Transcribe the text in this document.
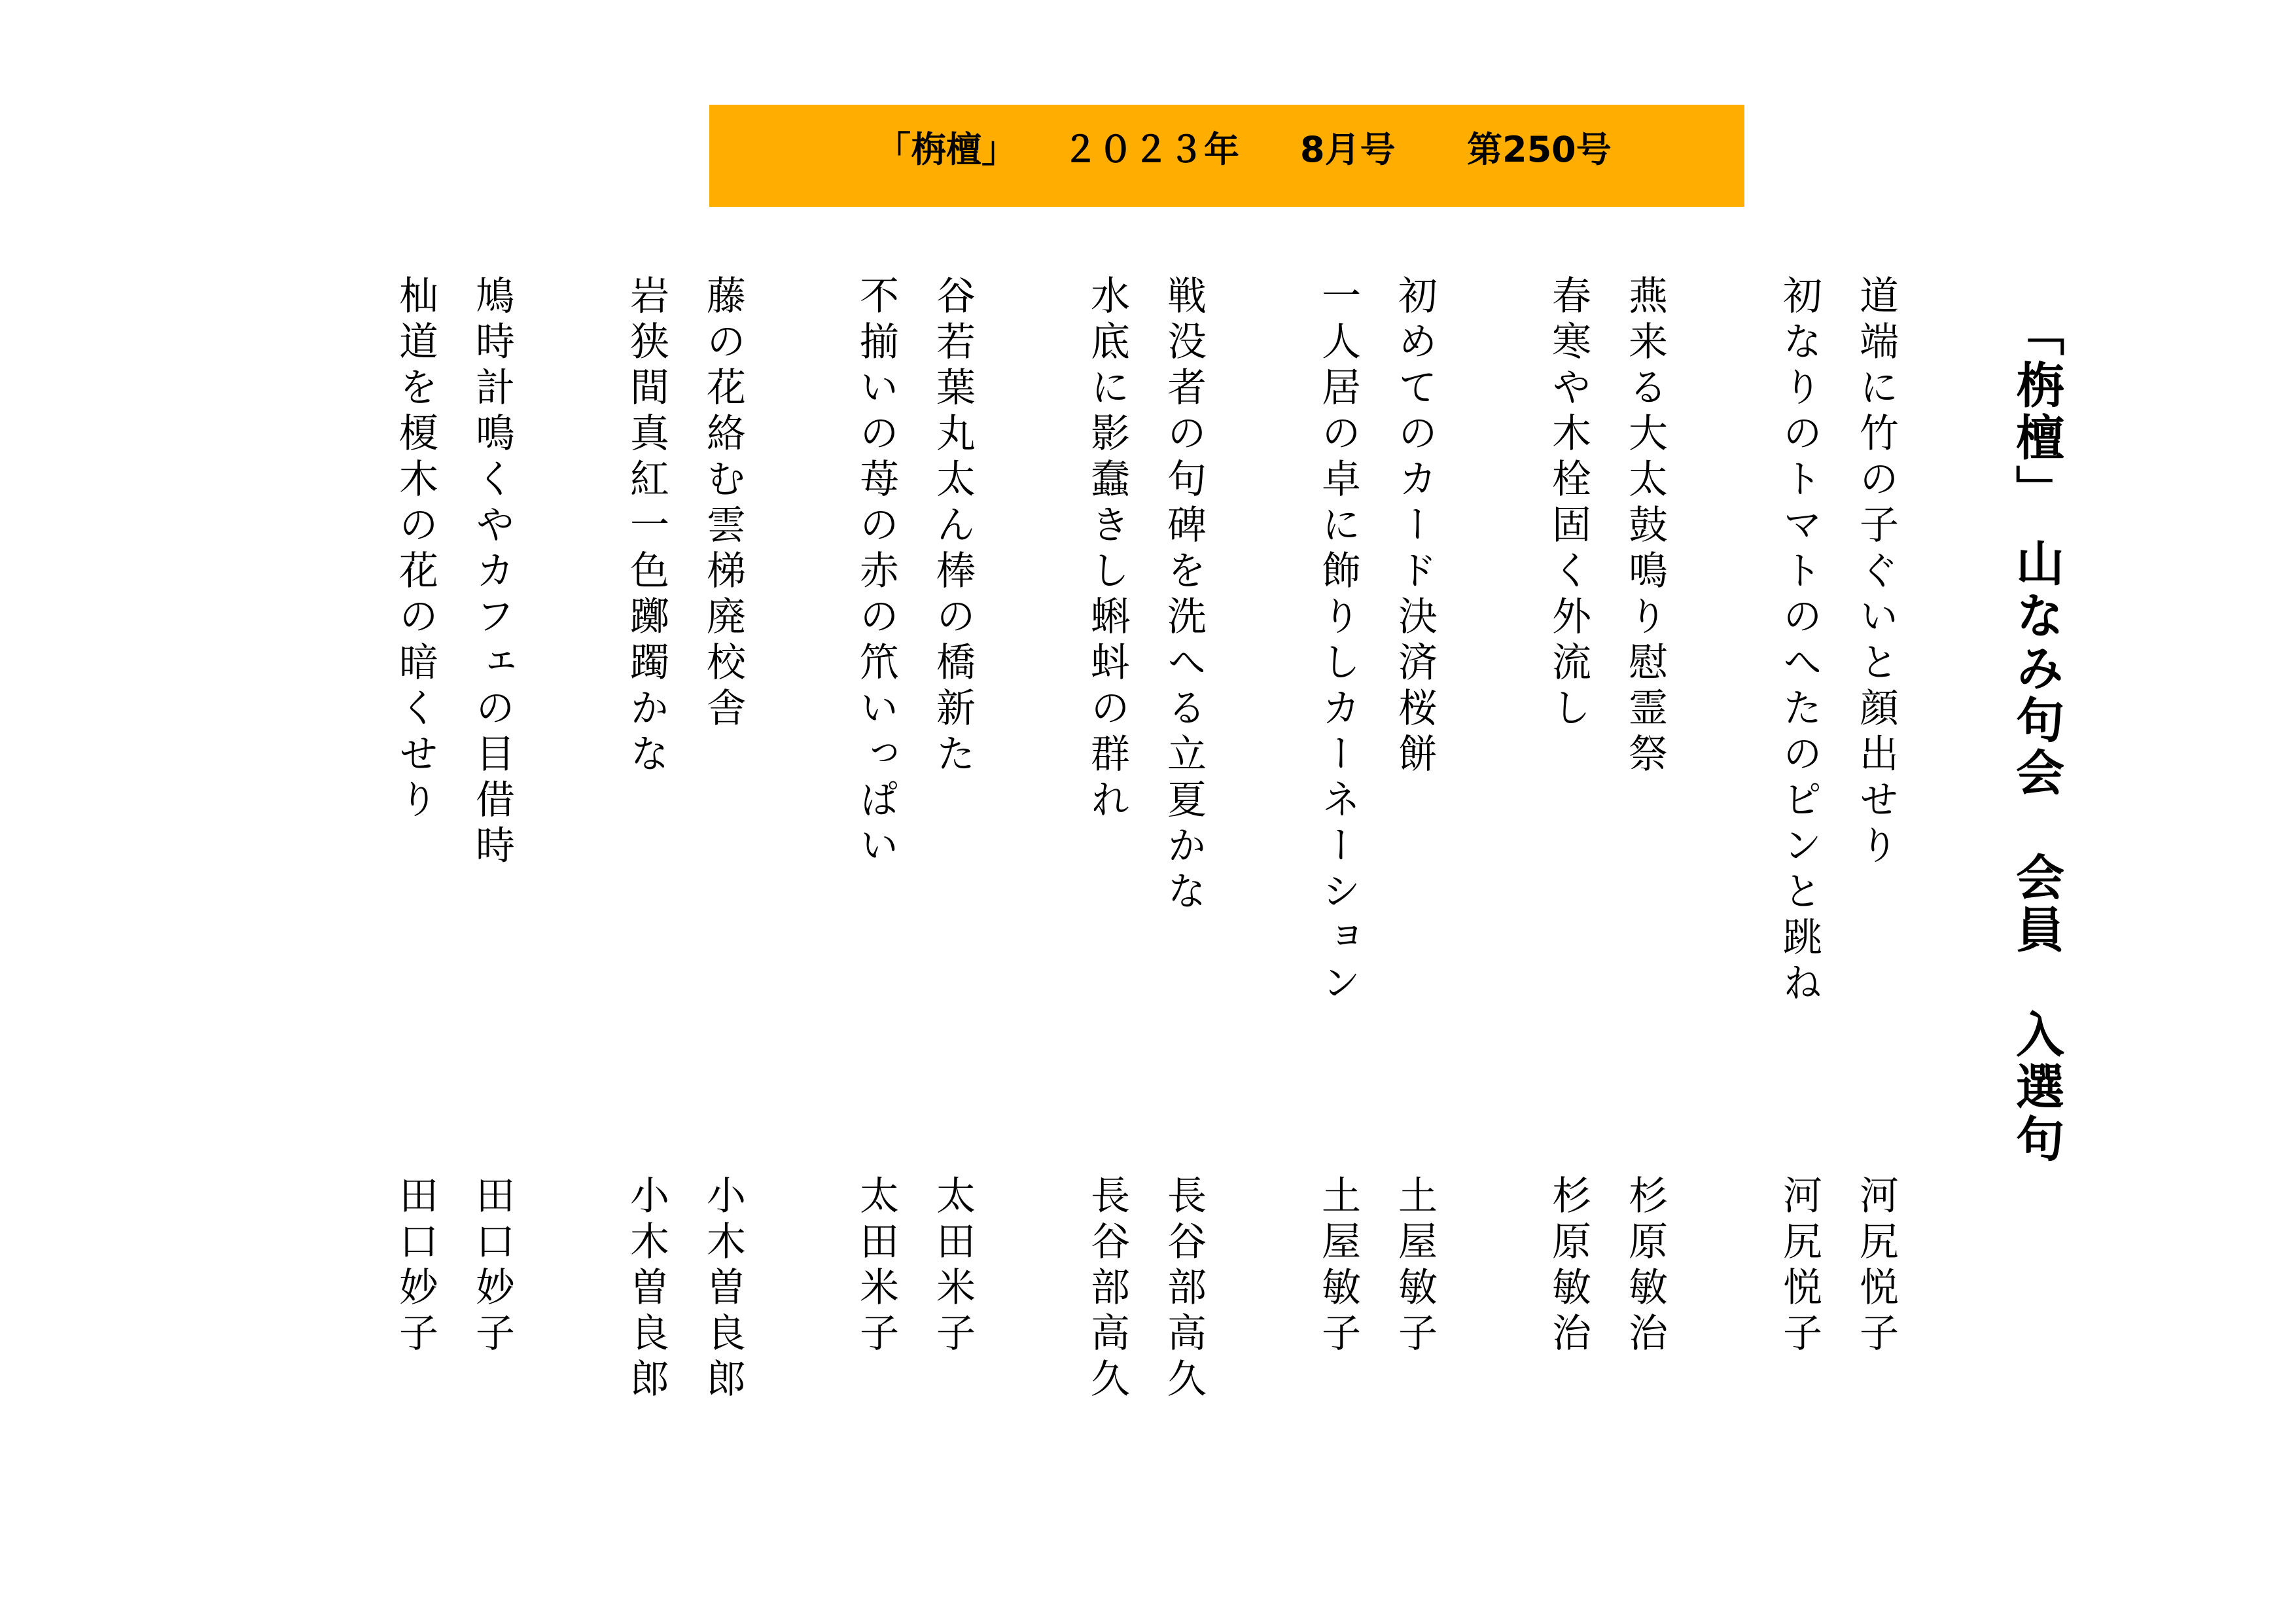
「栴檀」 ２０２３年 8月号 第250号
「栴檀」 山なみ句会　会員　入選句
道端に竹の子ぐいと顔出せり
初なりのトマトのへたのピンと跳ね
燕来る大太鼓鳴り慰霊祭
春寒や木栓固く外流し
初めてのカード決済桜餅
一人居の卓に飾りしカーネーション
戦没者の句碑を洗へる立夏かな
水底に影蠢きし蝌蚪の群れ
谷若葉丸太ん棒の橋新た
不揃いの苺の赤の笊いっぱい
藤の花絡む雲梯廃校舎
岩狭間真紅一色躑躅かな
鳩時計鳴くやカフェの目借時
杣道を榎木の花の暗くせり
河尻悦子
河尻悦子
杉原敏治
杉原敏治
土屋敏子
土屋敏子
長谷部高久
長谷部高久
太田米子
太田米子
小木曽良郎
小木曽良郎
田口妙子
田口妙子
